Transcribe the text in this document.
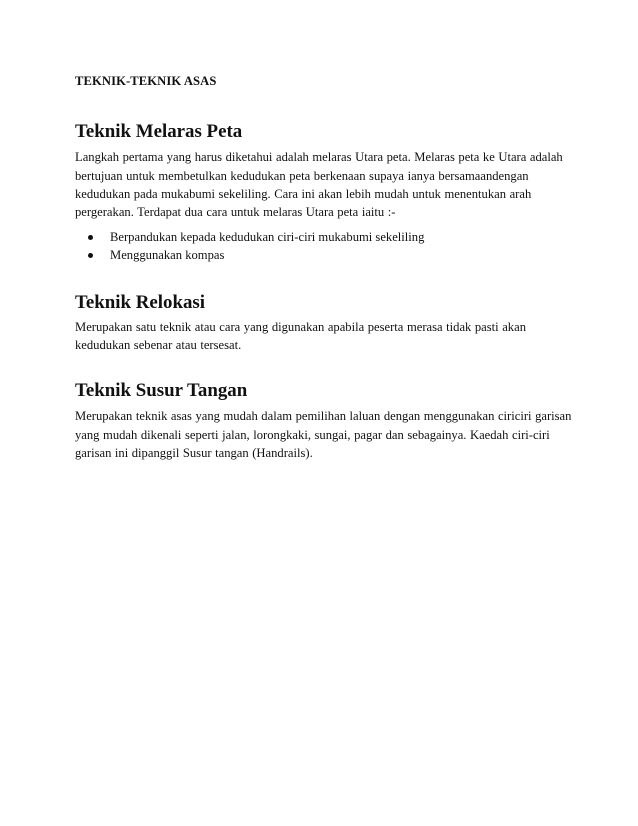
TEKNIK-TEKNIK ASAS
Teknik Melaras Peta

Langkah pertama yang harus diketahui adalah melaras Utara peta. Melaras peta ke Utara adalah bertujuan untuk membetulkan kedudukan peta berkenaan supaya ianya bersamaandengan kedudukan pada mukabumi sekeliling. Cara ini akan lebih mudah untuk menentukan arah pergerakan. Terdapat dua cara untuk melaras Utara peta iaitu :-

Berpandukan kepada kedudukan ciri-ciri mukabumi sekeliling
Menggunakan kompas
Teknik Relokasi

Merupakan satu teknik atau cara yang digunakan apabila peserta merasa tidak pasti akan kedudukan sebenar atau tersesat.

Teknik Susur Tangan

Merupakan teknik asas yang mudah dalam pemilihan laluan dengan menggunakan ciriciri garisan yang mudah dikenali seperti jalan, lorongkaki, sungai, pagar dan sebagainya. Kaedah ciri-ciri garisan ini dipanggil Susur tangan (Handrails).
